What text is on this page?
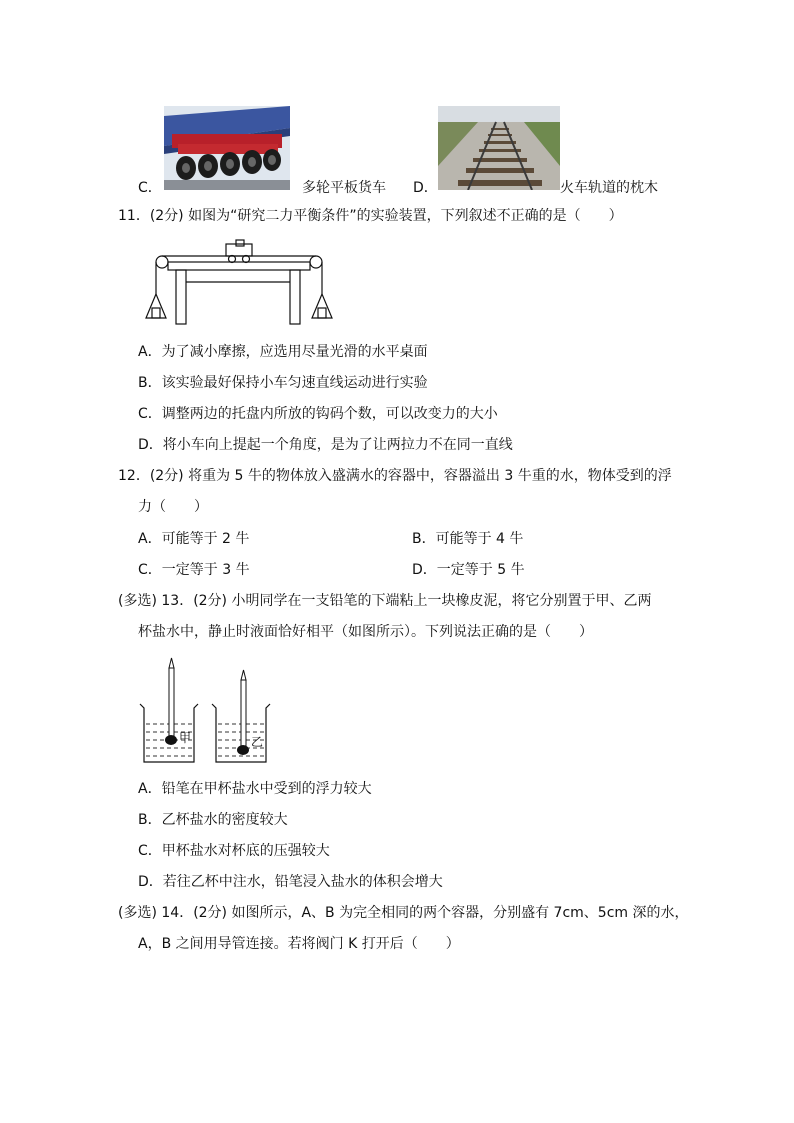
C．	多轮平板货车 D．	火车轨道的枕木
11．(2分) 如图为“研究二力平衡条件”的实验装置，下列叙述不正确的是（　　）
A．为了减小摩擦，应选用尽量光滑的水平桌面
B．该实验最好保持小车匀速直线运动进行实验
C．调整两边的托盘内所放的钩码个数，可以改变力的大小
D．将小车向上提起一个角度，是为了让两拉力不在同一直线
12．(2分) 将重为 5 牛的物体放入盛满水的容器中，容器溢出 3 牛重的水，物体受到的浮
力（　　）
A．可能等于 2 牛	B．可能等于 4 牛
C．一定等于 3 牛	D．一定等于 5 牛
(多选) 13．(2分) 小明同学在一支铅笔的下端粘上一块橡皮泥，将它分别置于甲、乙两
杯盐水中，静止时液面恰好相平（如图所示）。下列说法正确的是（　　）
甲	乙
A．铅笔在甲杯盐水中受到的浮力较大
B．乙杯盐水的密度较大
C．甲杯盐水对杯底的压强较大
D．若往乙杯中注水，铅笔浸入盐水的体积会增大
(多选) 14．(2分) 如图所示，A、B 为完全相同的两个容器，分别盛有 7cm、5cm 深的水，
A，B 之间用导管连接。若将阀门 K 打开后（　　）
